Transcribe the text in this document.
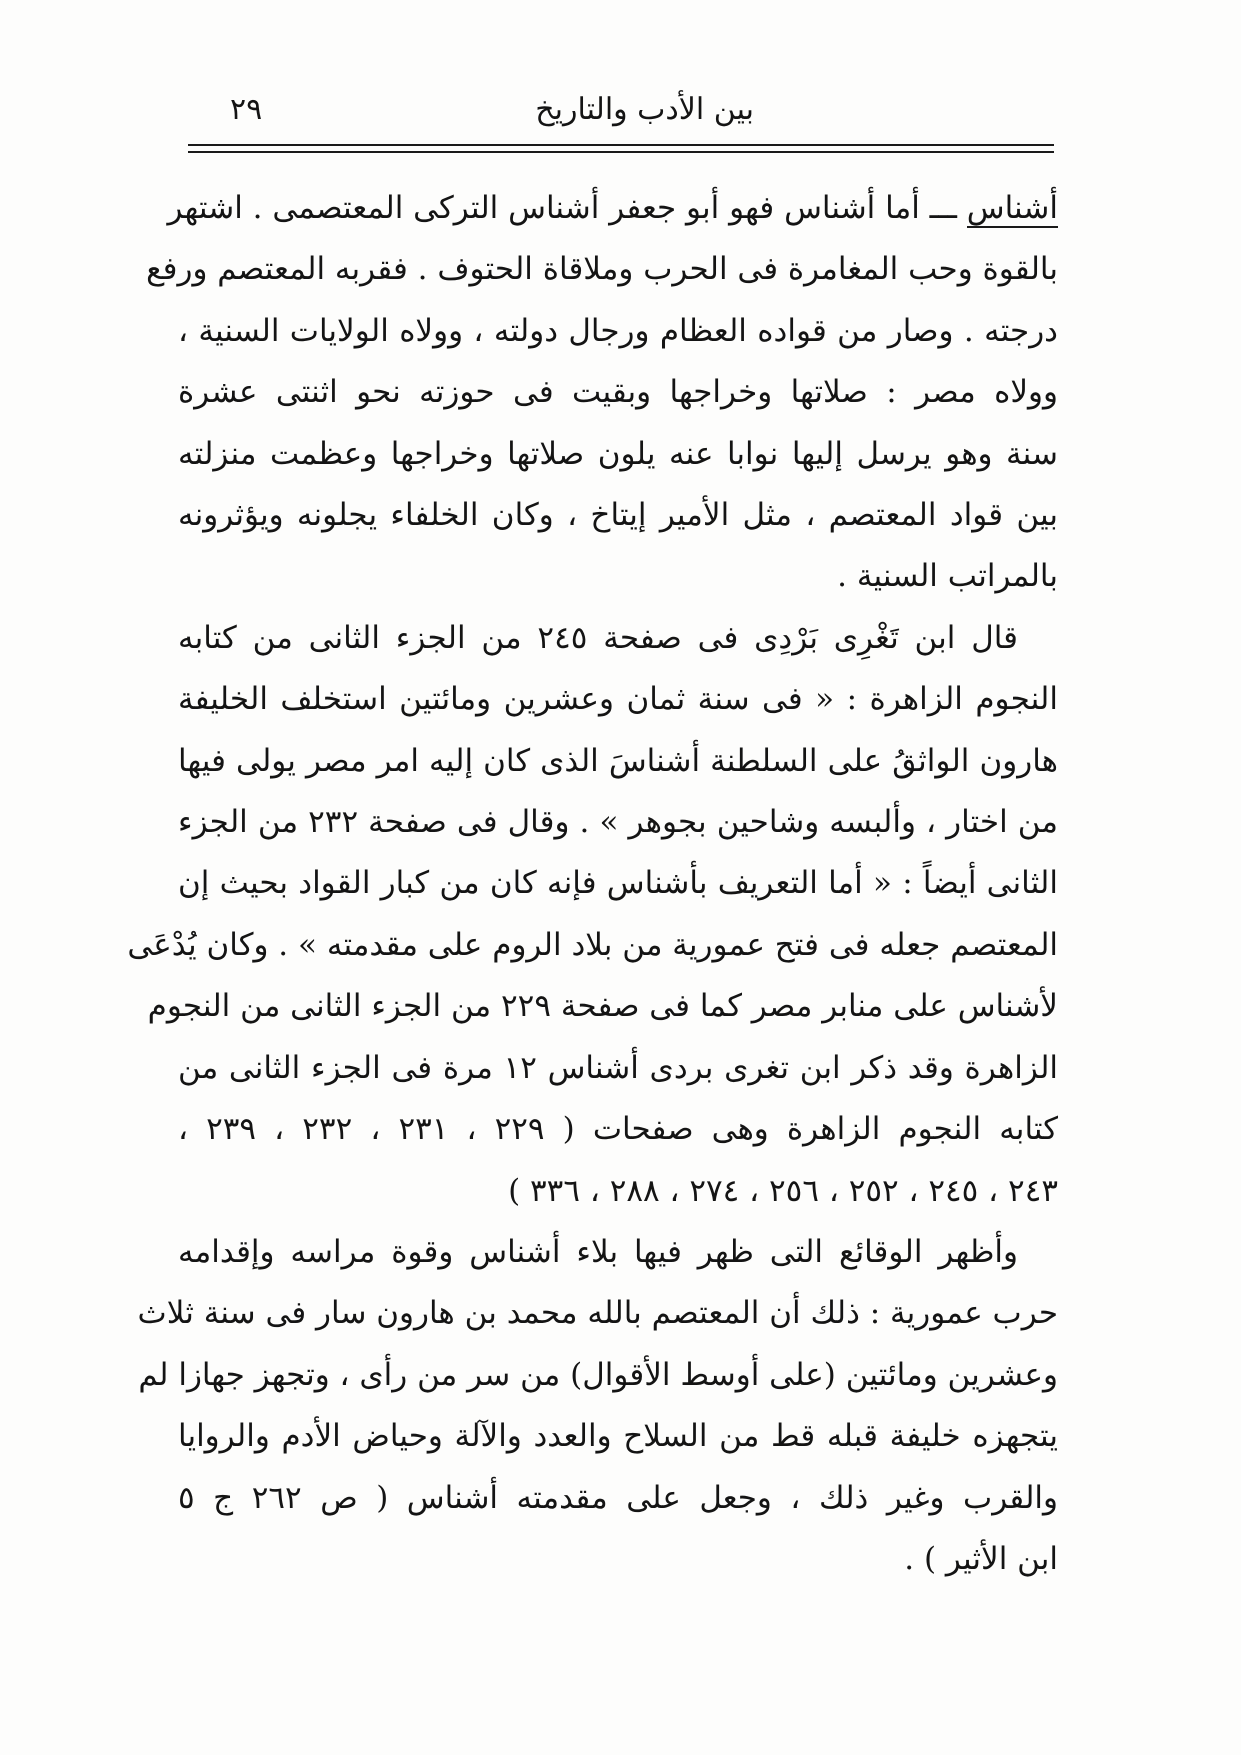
بين الأدب والتاريخ
٢٩

أشناس ـــ أما أشناس فهو أبو جعفر أشناس التركى المعتصمى . اشتهر
بالقوة وحب المغامرة فى الحرب وملاقاة الحتوف . فقربه المعتصم ورفع
درجته . وصار من قواده العظام ورجال دولته ، وولاه الولايات السنية ،
وولاه مصر : صلاتها وخراجها وبقيت فى حوزته نحو اثنتى عشرة
سنة وهو يرسل إليها نوابا عنه يلون صلاتها وخراجها وعظمت منزلته
بين قواد المعتصم ، مثل الأمير إيتاخ ، وكان الخلفاء يجلونه ويؤثرونه
بالمراتب السنية .

قال ابن تَغْرِى بَرْدِى فى صفحة ٢٤٥ من الجزء الثانى من كتابه
النجوم الزاهرة : « فى سنة ثمان وعشرين ومائتين استخلف الخليفة
هارون الواثقُ على السلطنة أشناسَ الذى كان إليه امر مصر يولى فيها
من اختار ، وألبسه وشاحين بجوهر » . وقال فى صفحة ٢٣٢ من الجزء
الثانى أيضاً : « أما التعريف بأشناس فإنه كان من كبار القواد بحيث إن
المعتصم جعله فى فتح عمورية من بلاد الروم على مقدمته » . وكان يُدْعَى
لأشناس على منابر مصر كما فى صفحة ٢٢٩ من الجزء الثانى من النجوم
الزاهرة وقد ذكر ابن تغرى بردى أشناس ١٢ مرة فى الجزء الثانى من
كتابه النجوم الزاهرة وهى صفحات ( ٢٢٩ ، ٢٣١ ، ٢٣٢ ، ٢٣٩ ،
٢٤٣ ، ٢٤٥ ، ٢٥٢ ، ٢٥٦ ، ٢٧٤ ، ٢٨٨ ، ٣٣٦ )

وأظهر الوقائع التى ظهر فيها بلاء أشناس وقوة مراسه وإقدامه
حرب عمورية : ذلك أن المعتصم بالله محمد بن هارون سار فى سنة ثلاث
وعشرين ومائتين (على أوسط الأقوال) من سر من رأى ، وتجهز جهازا لم
يتجهزه خليفة قبله قط من السلاح والعدد والآلة وحياض الأدم والروايا
والقرب وغير ذلك ، وجعل على مقدمته أشناس ( ص ٢٦٢ ج ٥
ابن الأثير ) .
